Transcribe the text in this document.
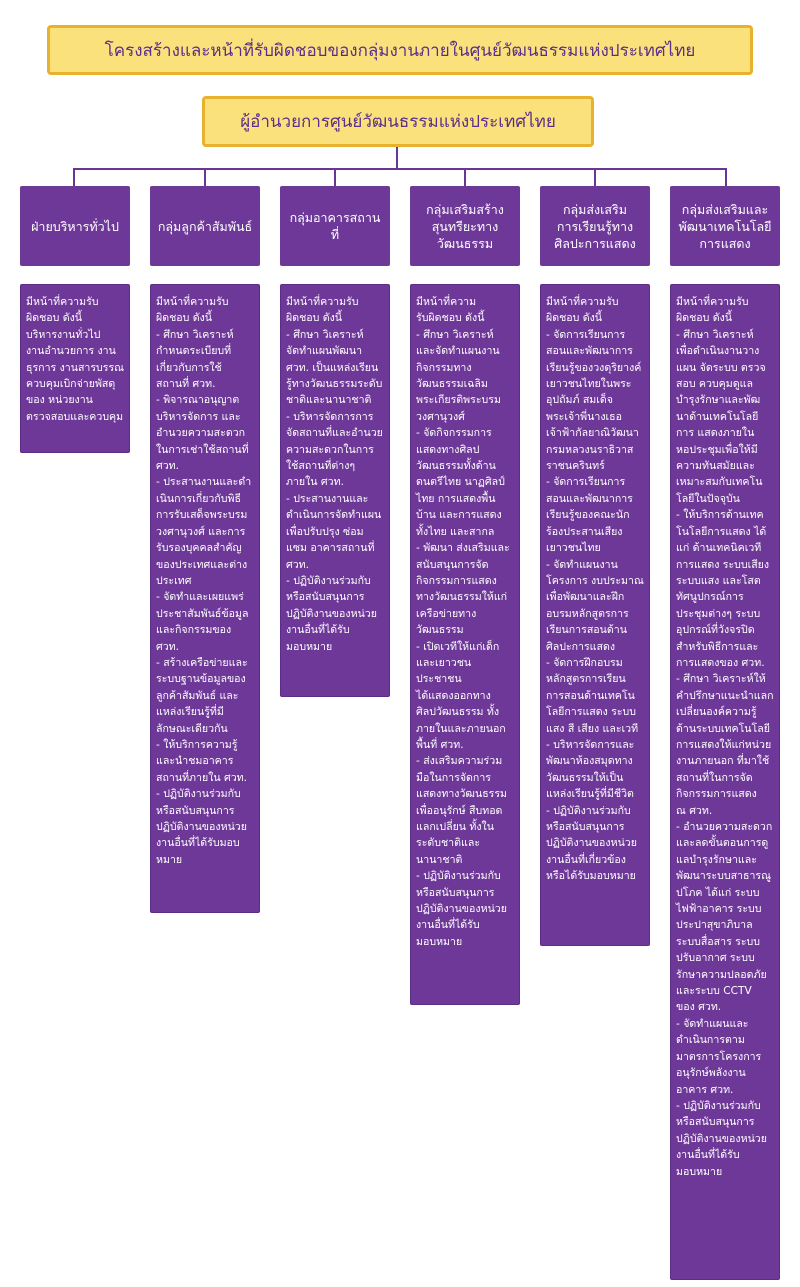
โครงสร้างและหน้าที่รับผิดชอบของกลุ่มงานภายในศูนย์วัฒนธรรมแห่งประเทศไทย
ผู้อำนวยการศูนย์วัฒนธรรมแห่งประเทศไทย
ฝ่ายบริหารทั่วไป	กลุ่มลูกค้าสัมพันธ์
กลุ่มอาคารสถานที่
กลุ่มเสริมสร้าง
สุนทรียะทาง
วัฒนธรรม
กลุ่มส่งเสริม
การเรียนรู้ทาง
ศิลปะการแสดง
กลุ่มส่งเสริมและ
พัฒนาเทคโนโลยี
การแสดง
มีหน้าที่ความรับ
ผิดชอบ ดังนี้
บริหารงานทั่วไป
งานอำนวยการ งาน
ธุรการ งานสารบรรณ
ควบคุมเบิกจ่ายพัสดุ
ของ หน่วยงาน
ตรวจสอบและควบคุม
มีหน้าที่ความรับ
ผิดชอบ ดังนี้
- ศึกษา วิเคราะห์
กำหนดระเบียบที่
เกี่ยวกับการใช้
สถานที่ ศวท.
- พิจารณาอนุญาต
บริหารจัดการ และ
อำนวยความสะดวก
ในการเช่าใช้สถานที่
ศวท.
- ประสานงานและดำ
เนินการเกี่ยวกับพิธี
การรับเสด็จพระบรม
วงศานุวงศ์ และการ
รับรองบุคคลสำคัญ
ของประเทศและต่าง
ประเทศ
- จัดทำและเผยแพร่
ประชาสัมพันธ์ข้อมูล
และกิจกรรมของ ศวท.
- สร้างเครือข่ายและ
ระบบฐานข้อมูลของ
ลูกค้าสัมพันธ์ และ
แหล่งเรียนรู้ที่มี
ลักษณะเดียวกัน
- ให้บริการความรู้
และนำชมอาคาร
สถานที่ภายใน ศวท.
- ปฏิบัติงานร่วมกับ
หรือสนับสนุนการ
ปฏิบัติงานของหน่วย
งานอื่นที่ได้รับมอบ
หมาย
มีหน้าที่ความรับ
ผิดชอบ ดังนี้
- ศึกษา วิเคราะห์
จัดทำแผนพัฒนา
ศวท. เป็นแหล่งเรียน
รู้ทางวัฒนธรรมระดับ
ชาติและนานาชาติ
- บริหารจัดการการ
จัดสถานที่และอำนวย
ความสะดวกในการ
ใช้สถานที่ต่างๆ
ภายใน ศวท.
- ประสานงานและ
ดำเนินการจัดทำแผน
เพื่อปรับปรุง ซ่อม
แซม อาคารสถานที่
ศวท.
- ปฏิบัติงานร่วมกับ
หรือสนับสนุนการ
ปฏิบัติงานของหน่วย
งานอื่นที่ได้รับ
มอบหมาย
มีหน้าที่ความ
รับผิดชอบ ดังนี้
- ศึกษา วิเคราะห์
และจัดทำแผนงาน
กิจกรรมทาง
วัฒนธรรมเฉลิม
พระเกียรติพระบรม
วงศานุวงศ์
- จัดกิจกรรมการ
แสดงทางศิลป
วัฒนธรรมทั้งด้าน
ดนตรีไทย นาฏศิลป์
ไทย การแสดงพื้น
บ้าน และการแสดง
ทั้งไทย และสากล
- พัฒนา ส่งเสริมและ
สนับสนุนการจัด
กิจกรรมการแสดง
ทางวัฒนธรรมให้แก่
เครือข่ายทาง
วัฒนธรรม
- เปิดเวทีให้แก่เด็ก
และเยาวชน ประชาชน
ได้แสดงออกทาง
ศิลปวัฒนธรรม ทั้ง
ภายในและภายนอก
พื้นที่ ศวท.
- ส่งเสริมความร่วม
มือในการจัดการ
แสดงทางวัฒนธรรม
เพื่ออนุรักษ์ สืบทอด
แลกเปลี่ยน ทั้งใน
ระดับชาติและ
นานาชาติ
- ปฏิบัติงานร่วมกับ
หรือสนับสนุนการ
ปฏิบัติงานของหน่วย
งานอื่นที่ได้รับ
มอบหมาย
มีหน้าที่ความรับ
ผิดชอบ ดังนี้
- จัดการเรียนการ
สอนและพัฒนาการ
เรียนรู้ของวงดุริยางค์
เยาวชนไทยในพระ
อุปถัมภ์ สมเด็จ
พระเจ้าพี่นางเธอ
เจ้าฟ้ากัลยาณิวัฒนา
กรมหลวงนราธิวาส
ราชนครินทร์
- จัดการเรียนการ
สอนและพัฒนาการ
เรียนรู้ของคณะนัก
ร้องประสานเสียง
เยาวชนไทย
- จัดทำแผนงาน
โครงการ งบประมาณ
เพื่อพัฒนาและฝึก
อบรมหลักสูตรการ
เรียนการสอนด้าน
ศิลปะการแสดง
- จัดการฝึกอบรม
หลักสูตรการเรียน
การสอนด้านเทคโน
โลยีการแสดง ระบบ
แสง สี เสียง และเวที
- บริหารจัดการและ
พัฒนาห้องสมุดทาง
วัฒนธรรมให้เป็น
แหล่งเรียนรู้ที่มีชีวิต
- ปฏิบัติงานร่วมกับ
หรือสนับสนุนการ
ปฏิบัติงานของหน่วย
งานอื่นที่เกี่ยวข้อง
หรือได้รับมอบหมาย
มีหน้าที่ความรับ
ผิดชอบ ดังนี้
- ศึกษา วิเคราะห์
เพื่อดำเนินงานวาง
แผน จัดระบบ ตรวจ
สอบ ควบคุมดูแล
บำรุงรักษาและพัฒ
นาด้านเทคโนโลยี
การ แสดงภายใน
หอประชุมเพื่อให้มี
ความทันสมัยและ
เหมาะสมกับเทคโน
โลยีในปัจจุบัน
- ให้บริการด้านเทค
โนโลยีการแสดง ได้
แก่ ด้านเทคนิคเวที
การแสดง ระบบเสียง
ระบบแสง และโสต
ทัศนูปกรณ์การ
ประชุมต่างๆ ระบบ
อุปกรณ์ที่วังจรปิด
สำหรับพิธีการและ
การแสดงของ ศวท.
- ศึกษา วิเคราะห์ให้
คำปรึกษาแนะนำแลก
เปลี่ยนองค์ความรู้
ด้านระบบเทคโนโลยี
การแสดงให้แก่หน่วย
งานภายนอก ที่มาใช้
สถานที่ในการจัด
กิจกรรมการแสดง
ณ ศวท.
- อำนวยความสะดวก
และลดขั้นตอนการดู
แลบำรุงรักษาและ
พัฒนาระบบสาธารณู
ปโภค ได้แก่ ระบบ
ไฟฟ้าอาคาร ระบบ
ประปาสุขาภิบาล
ระบบสื่อสาร ระบบ
ปรับอากาศ ระบบ
รักษาความปลอดภัย
และระบบ CCTV
ของ ศวท.
- จัดทำแผนและ
ดำเนินการตาม
มาตรการโครงการ
อนุรักษ์พลังงาน
อาคาร ศวท.
- ปฏิบัติงานร่วมกับ
หรือสนับสนุนการ
ปฏิบัติงานของหน่วย
งานอื่นที่ได้รับ
มอบหมาย
